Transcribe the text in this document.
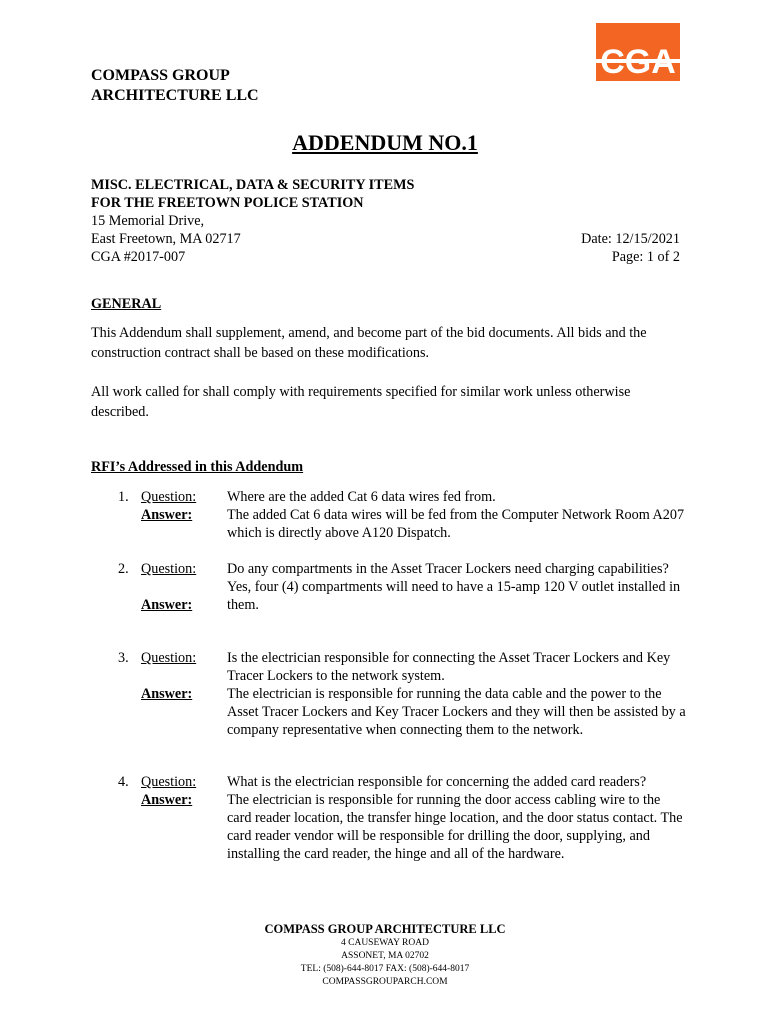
COMPASS GROUP
ARCHITECTURE LLC
CGA
ADDENDUM NO.1
MISC. ELECTRICAL, DATA & SECURITY ITEMS
FOR THE FREETOWN POLICE STATION
15 Memorial Drive,
East Freetown, MA 02717
CGA #2017-007
Date: 12/15/2021
Page: 1 of 2
GENERAL
This Addendum shall supplement, amend, and become part of the bid documents. All bids and the construction contract shall be based on these modifications.
All work called for shall comply with requirements specified for similar work unless otherwise described.
RFI’s Addressed in this Addendum
1. Question:
Answer:
Where are the added Cat 6 data wires fed from.
The added Cat 6 data wires will be fed from the Computer Network Room A207 which is directly above A120 Dispatch.
2. Question:
Answer:
Do any compartments in the Asset Tracer Lockers need charging capabilities?
Yes, four (4) compartments will need to have a 15-amp 120 V outlet installed in them.
3. Question:
Answer:
Is the electrician responsible for connecting the Asset Tracer Lockers and Key Tracer Lockers to the network system.
The electrician is responsible for running the data cable and the power to the Asset Tracer Lockers and Key Tracer Lockers and they will then be assisted by a company representative when connecting them to the network.
4. Question:
Answer:
What is the electrician responsible for concerning the added card readers?
The electrician is responsible for running the door access cabling wire to the card reader location, the transfer hinge location, and the door status contact. The card reader vendor will be responsible for drilling the door, supplying, and installing the card reader, the hinge and all of the hardware.
COMPASS GROUP ARCHITECTURE LLC
4 CAUSEWAY ROAD
ASSONET, MA 02702
TEL: (508)-644-8017 FAX: (508)-644-8017
COMPASSGROUPARCH.COM
